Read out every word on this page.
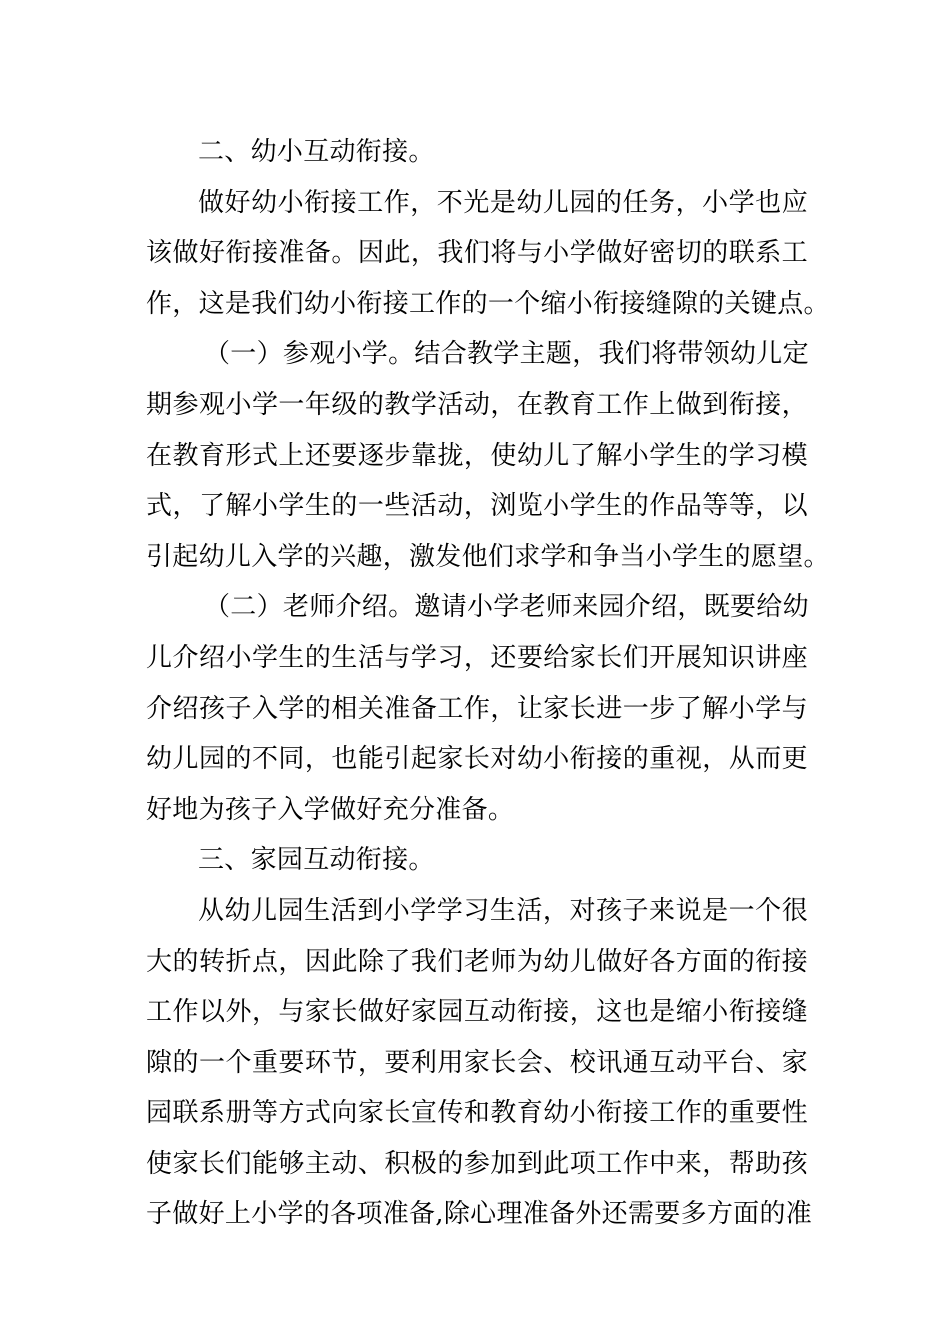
二、幼小互动衔接。
做好幼小衔接工作，不光是幼儿园的任务，小学也应
该做好衔接准备。因此，我们将与小学做好密切的联系工
作，这是我们幼小衔接工作的一个缩小衔接缝隙的关键点。
（一）参观小学。结合教学主题，我们将带领幼儿定
期参观小学一年级的教学活动，在教育工作上做到衔接，
在教育形式上还要逐步靠拢，使幼儿了解小学生的学习模
式，了解小学生的一些活动，浏览小学生的作品等等，以
引起幼儿入学的兴趣，激发他们求学和争当小学生的愿望。
（二）老师介绍。邀请小学老师来园介绍，既要给幼
儿介绍小学生的生活与学习，还要给家长们开展知识讲座
介绍孩子入学的相关准备工作，让家长进一步了解小学与
幼儿园的不同，也能引起家长对幼小衔接的重视，从而更
好地为孩子入学做好充分准备。
三、家园互动衔接。
从幼儿园生活到小学学习生活，对孩子来说是一个很
大的转折点，因此除了我们老师为幼儿做好各方面的衔接
工作以外，与家长做好家园互动衔接，这也是缩小衔接缝
隙的一个重要环节，要利用家长会、校讯通互动平台、家
园联系册等方式向家长宣传和教育幼小衔接工作的重要性
使家长们能够主动、积极的参加到此项工作中来，帮助孩
子做好上小学的各项准备,除心理准备外还需要多方面的准
